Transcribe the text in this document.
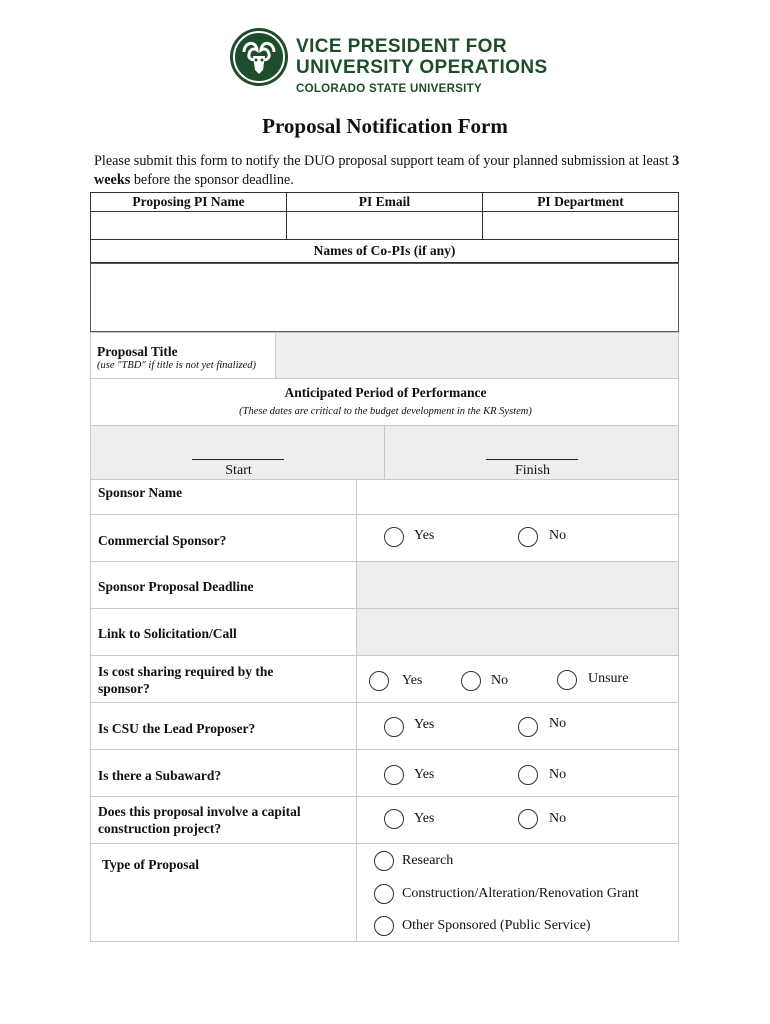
VICE PRESIDENT FOR
UNIVERSITY OPERATIONS
COLORADO STATE UNIVERSITY
Proposal Notification Form
Please submit this form to notify the DUO proposal support team of your planned submission at least 3 weeks before the sponsor deadline.
Proposing PI Name	PI Email	PI Department
Names of Co-PIs (if any)
Proposal Title
(use "TBD" if title is not yet finalized)
Anticipated Period of Performance
(These dates are critical to the budget development in the KR System)
Start	Finish
Sponsor Name
Commercial Sponsor?	Yes	No
Sponsor Proposal Deadline
Link to Solicitation/Call
Is cost sharing required by the sponsor?
Yes	No	Unsure
Is CSU the Lead Proposer?	Yes	No
Is there a Subaward?	Yes	No
Does this proposal involve a capital construction project?
Yes	No
Type of Proposal	Research
Construction/Alteration/Renovation Grant
Other Sponsored (Public Service)
